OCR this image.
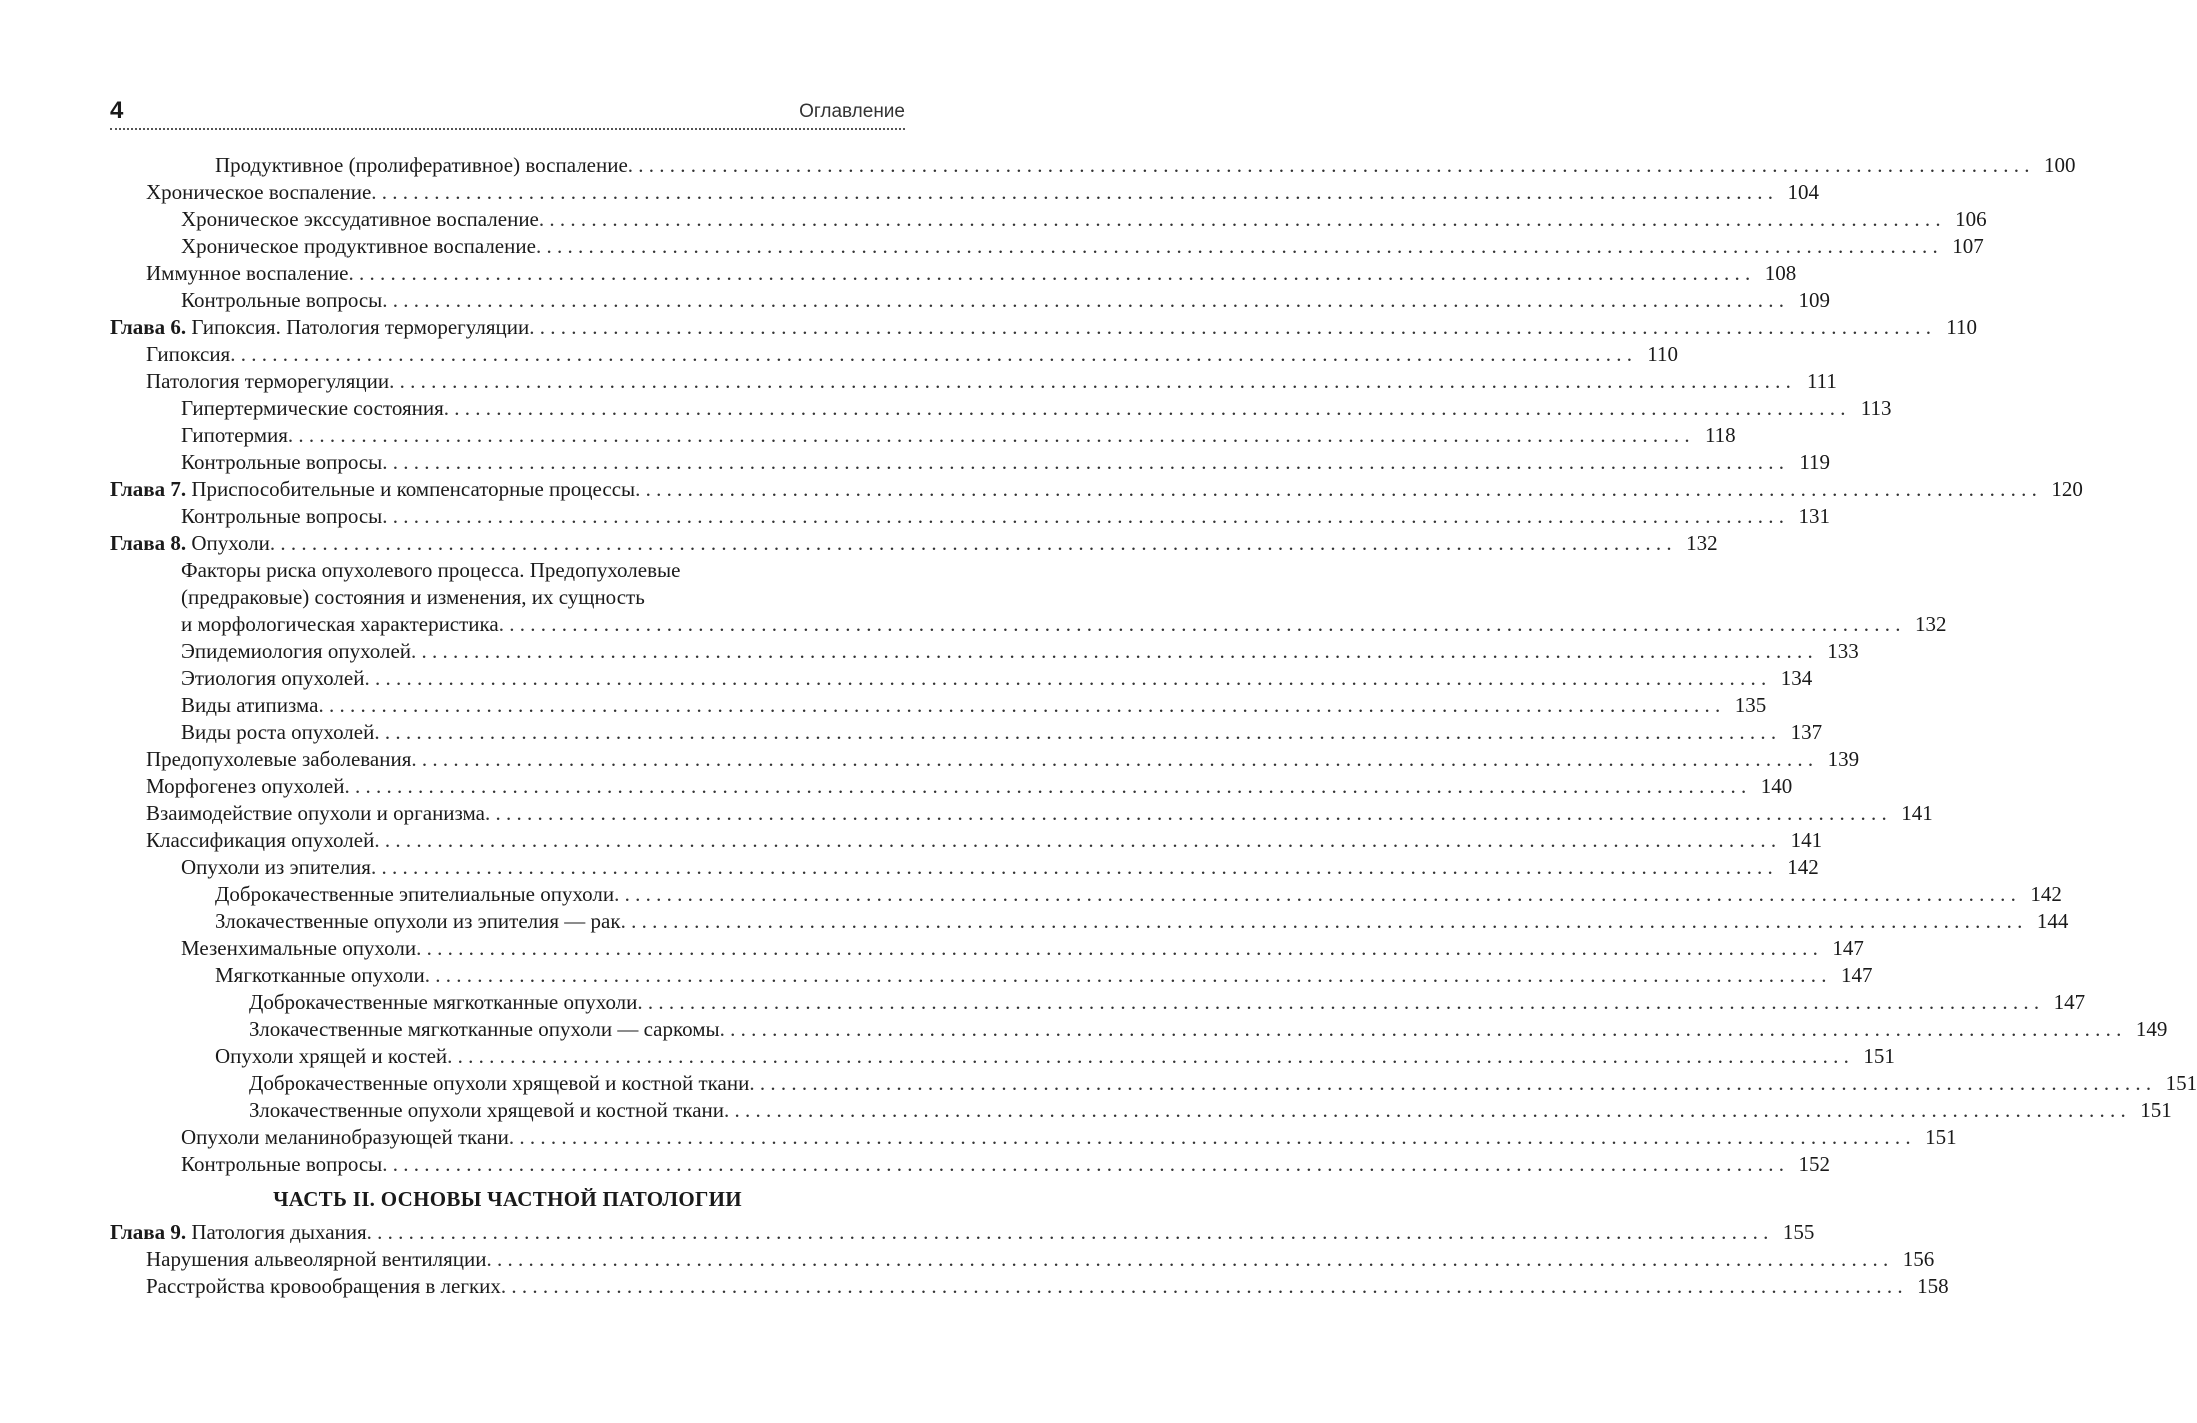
4	Оглавление
Продуктивное (пролиферативное) воспаление . . .	100
Хроническое воспаление . . .	104
Хроническое экссудативное воспаление . . .	106
Хроническое продуктивное воспаление . . .	107
Иммунное воспаление . . .	108
Контрольные вопросы . . .	109
Глава 6. Гипоксия. Патология терморегуляции . . .	110
Гипоксия . . .	110
Патология терморегуляции . . .	111
Гипертермические состояния . . .	113
Гипотермия . . .	118
Контрольные вопросы . . .	119
Глава 7. Приспособительные и компенсаторные процессы . . .	120
Контрольные вопросы . . .	131
Глава 8. Опухоли . . .	132
Факторы риска опухолевого процесса. Предопухолевые
(предраковые) состояния и изменения, их сущность
и морфологическая характеристика . . .	132
Эпидемиология опухолей . . .	133
Этиология опухолей . . .	134
Виды атипизма . . .	135
Виды роста опухолей . . .	137
Предопухолевые заболевания . . .	139
Морфогенез опухолей . . .	140
Взаимодействие опухоли и организма . . .	141
Классификация опухолей . . .	141
Опухоли из эпителия . . .	142
Доброкачественные эпителиальные опухоли . . .	142
Злокачественные опухоли из эпителия — рак . . .	144
Мезенхимальные опухоли . . .	147
Мягкотканные опухоли . . .	147
Доброкачественные мягкотканные опухоли . . .	147
Злокачественные мягкотканные опухоли — саркомы . . .	149
Опухоли хрящей и костей . . .	151
Доброкачественные опухоли хрящевой и костной ткани . . .	151
Злокачественные опухоли хрящевой и костной ткани . . .	151
Опухоли меланинобразующей ткани . . .	151
Контрольные вопросы . . .	152
ЧАСТЬ II. ОСНОВЫ ЧАСТНОЙ ПАТОЛОГИИ
Глава 9. Патология дыхания . . .	155
Нарушения альвеолярной вентиляции . . .	156
Расстройства кровообращения в легких . . .	158
